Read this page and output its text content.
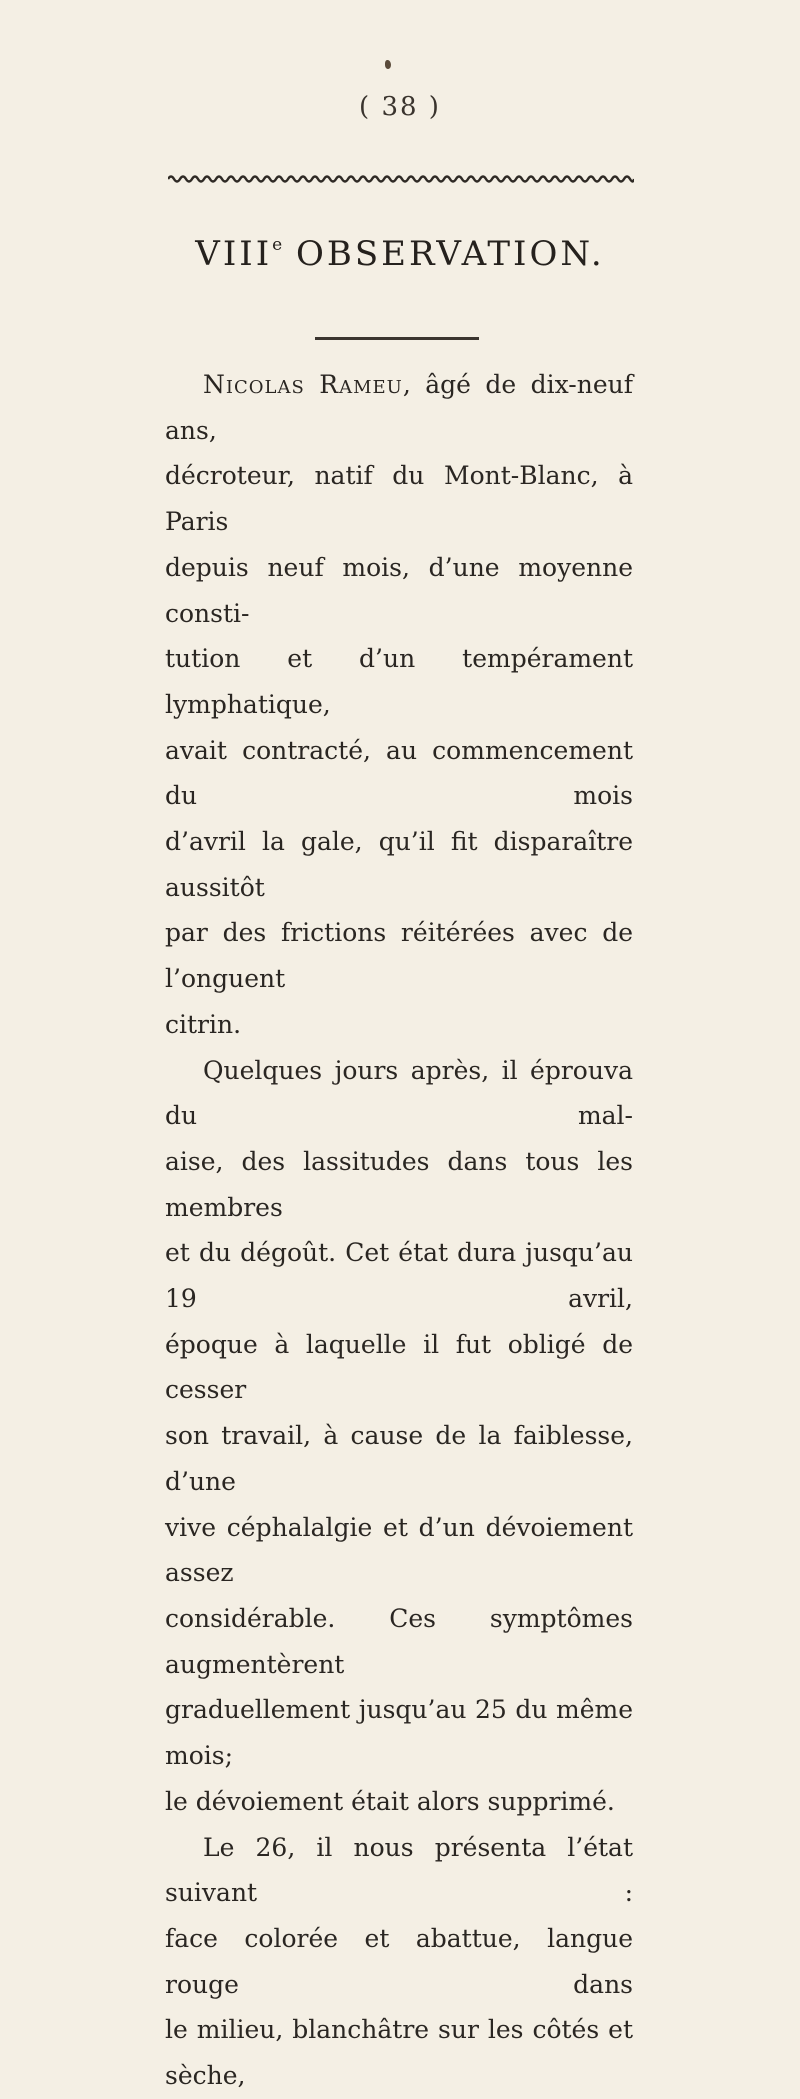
( 38 )
VIIIe OBSERVATION.

Nicolas Rameu, âgé de dix-neuf ans,
décroteur, natif du Mont-Blanc, à Paris
depuis neuf mois, d’une moyenne consti-
tution et d’un tempérament lymphatique,
avait contracté, au commencement du mois
d’avril la gale, qu’il fit disparaître aussitôt
par des frictions réitérées avec de l’onguent

citrin.

Quelques jours après, il éprouva du mal-
aise, des lassitudes dans tous les membres
et du dégoût. Cet état dura jusqu’au 19 avril,
époque à laquelle il fut obligé de cesser
son travail, à cause de la faiblesse, d’une
vive céphalalgie et d’un dévoiement assez
considérable. Ces symptômes augmentèrent
graduellement jusqu’au 25 du même mois;

le dévoiement était alors supprimé.

Le 26, il nous présenta l’état suivant :
face colorée et abattue, langue rouge dans
le milieu, blanchâtre sur les côtés et sèche,
